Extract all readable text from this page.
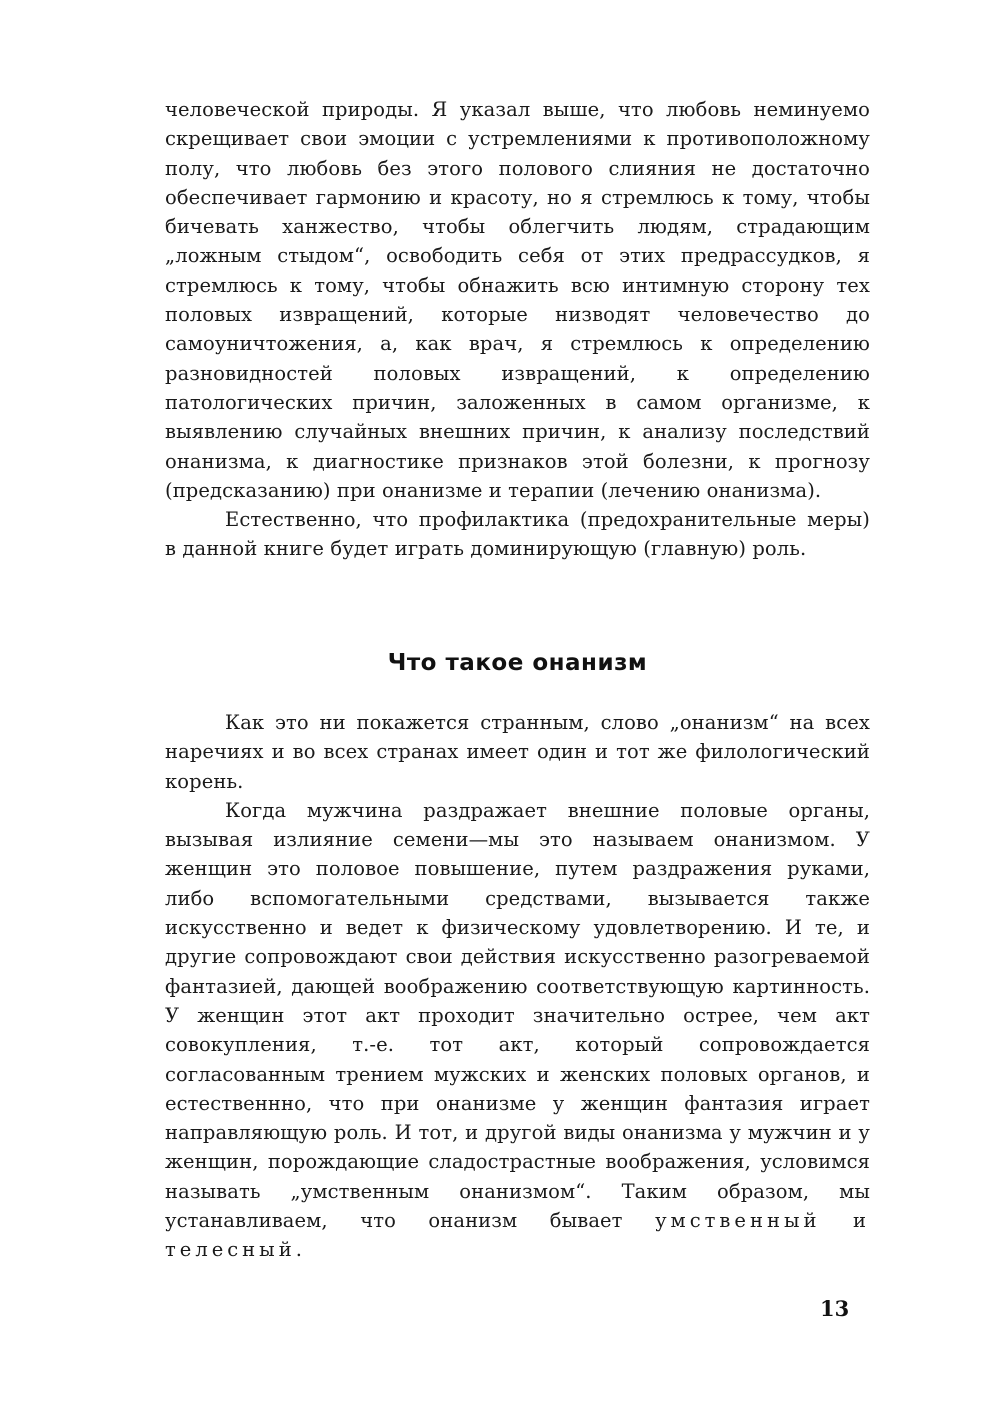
человеческой природы. Я указал выше, что любовь неминуемо скрещивает свои эмоции с устремлениями к противоположному полу, что любовь без этого полового слияния не достаточно обеспечивает гармонию и красоту, но я стремлюсь к тому, чтобы бичевать ханжество, чтобы облегчить людям, страдающим „ложным стыдом“, освободить себя от этих предрассудков, я стремлюсь к тому, чтобы обнажить всю интимную сторону тех половых извращений, которые низводят человечество до самоуничтожения, а, как врач, я стремлюсь к определению разновидностей половых извращений, к определению патологических причин, заложенных в самом организме, к выявлению случайных внешних причин, к анализу последствий онанизма, к диагностике признаков этой болезни, к прогнозу (предсказанию) при онанизме и терапии (лечению онанизма).

Естественно, что профилактика (предохранительные меры) в данной книге будет играть доминирующую (главную) роль.

Что такое онанизм

Как это ни покажется странным, слово „онанизм“ на всех наречиях и во всех странах имеет один и тот же филологический корень.

Когда мужчина раздражает внешние половые органы, вызывая излияние семени—мы это называем онанизмом. У женщин это половое повышение, путем раздражения руками, либо вспомогательными средствами, вызывается также искусственно и ведет к физическому удовлетворению. И те, и другие сопровождают свои действия искусственно разогреваемой фантазией, дающей воображению соответствующую картинность. У женщин этот акт проходит значительно острее, чем акт совокупления, т.-е. тот акт, который сопровождается согласованным трением мужских и женских половых органов, и естественнно, что при онанизме у женщин фантазия играет направляющую роль. И тот, и другой виды онанизма у мужчин и у женщин, порождающие сладострастные воображения, условимся называть „умственным онанизмом“. Таким образом, мы устанавливаем, что онанизм бывает умственный и телесный.

13
